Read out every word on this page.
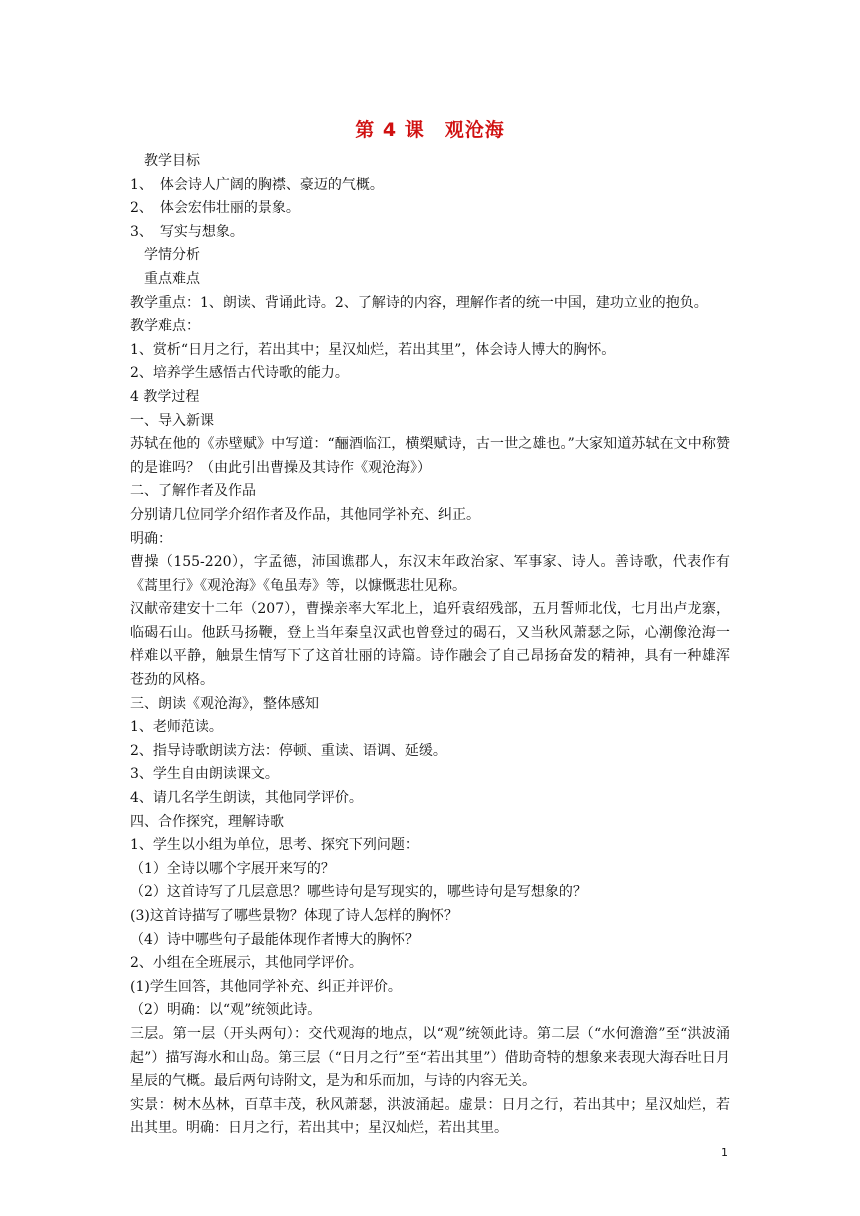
第 4 课　观沧海
　教学目标
1、　体会诗人广阔的胸襟、豪迈的气概。
2、　体会宏伟壮丽的景象。
3、　写实与想象。
　学情分析
　重点难点
教学重点：1、朗读、背诵此诗。2、了解诗的内容，理解作者的统一中国，建功立业的抱负。
教学难点：
1、赏析“日月之行，若出其中；星汉灿烂，若出其里”，体会诗人博大的胸怀。
2、培养学生感悟古代诗歌的能力。
4 教学过程
一、导入新课
苏轼在他的《赤壁赋》中写道：“酾酒临江，横槊赋诗，古一世之雄也。”大家知道苏轼在文中称赞的是谁吗？（由此引出曹操及其诗作《观沧海》）
二、了解作者及作品
分别请几位同学介绍作者及作品，其他同学补充、纠正。
明确：
曹操（155-220），字孟德，沛国谯郡人，东汉末年政治家、军事家、诗人。善诗歌，代表作有《蒿里行》《观沧海》《龟虽寿》等，以慷慨悲壮见称。
汉献帝建安十二年（207），曹操亲率大军北上，追歼袁绍残部，五月誓师北伐，七月出卢龙寨，临碣石山。他跃马扬鞭，登上当年秦皇汉武也曾登过的碣石，又当秋风萧瑟之际，心潮像沧海一样难以平静，触景生情写下了这首壮丽的诗篇。诗作融会了自己昂扬奋发的精神，具有一种雄浑苍劲的风格。
三、朗读《观沧海》，整体感知
1、老师范读。
2、指导诗歌朗读方法：停顿、重读、语调、延缓。
3、学生自由朗读课文。
4、请几名学生朗读，其他同学评价。
四、合作探究，理解诗歌
1、学生以小组为单位，思考、探究下列问题：
（1）全诗以哪个字展开来写的？
（2）这首诗写了几层意思？哪些诗句是写现实的，哪些诗句是写想象的？
(3)这首诗描写了哪些景物？体现了诗人怎样的胸怀？
（4）诗中哪些句子最能体现作者博大的胸怀？
2、小组在全班展示，其他同学评价。
(1)学生回答，其他同学补充、纠正并评价。
（2）明确：以“观”统领此诗。
三层。第一层（开头两句）：交代观海的地点，以“观”统领此诗。第二层（“水何澹澹”至“洪波涌起”）描写海水和山岛。第三层（“日月之行”至“若出其里”）借助奇特的想象来表现大海吞吐日月星辰的气概。最后两句诗附文，是为和乐而加，与诗的内容无关。
实景：树木丛林，百草丰茂，秋风萧瑟，洪波涌起。虚景：日月之行，若出其中；星汉灿烂，若出其里。明确：日月之行，若出其中；星汉灿烂，若出其里。
1
